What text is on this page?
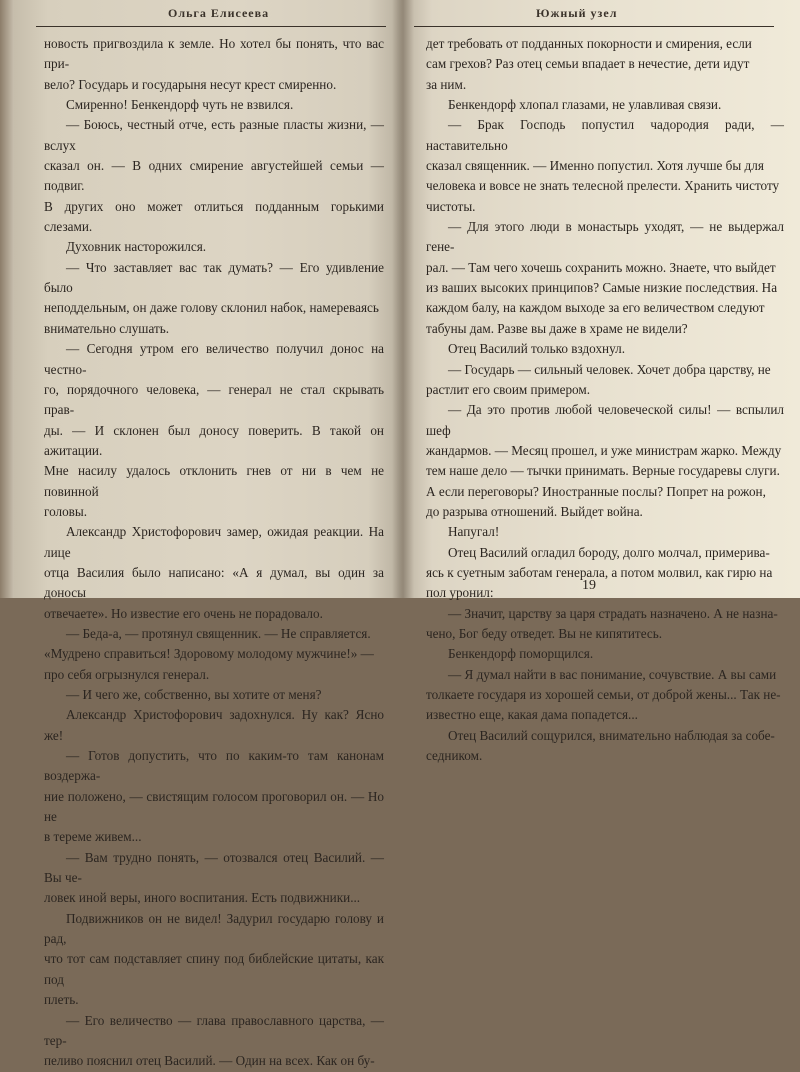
Ольга Елисеева

новость пригвоздила к земле. Но хотел бы понять, что вас при-

вело? Государь и государыня несут крест смиренно.

Смиренно! Бенкендорф чуть не взвился.

— Боюсь, честный отче, есть разные пласты жизни, — вслух

сказал он. — В одних смирение августейшей семьи — подвиг.

В других оно может отлиться подданным горькими слезами.

Духовник насторожился.

— Что заставляет вас так думать? — Его удивление было

неподдельным, он даже голову склонил набок, намереваясь

внимательно слушать.

— Сегодня утром его величество получил донос на честно-

го, порядочного человека, — генерал не стал скрывать прав-

ды. — И склонен был доносу поверить. В такой он ажитации.

Мне насилу удалось отклонить гнев от ни в чем не повинной

головы.

Александр Христофорович замер, ожидая реакции. На лице

отца Василия было написано: «А я думал, вы один за доносы

отвечаете». Но известие его очень не порадовало.

— Беда-а, — протянул священник. — Не справляется.

«Мудрено справиться! Здоровому молодому мужчине!» —

про себя огрызнулся генерал.

— И чего же, собственно, вы хотите от меня?

Александр Христофорович задохнулся. Ну как? Ясно же!

— Готов допустить, что по каким-то там канонам воздержа-

ние положено, — свистящим голосом проговорил он. — Но не

в тереме живем...

— Вам трудно понять, — отозвался отец Василий. — Вы че-

ловек иной веры, иного воспитания. Есть подвижники...

Подвижников он не видел! Задурил государю голову и рад,

что тот сам подставляет спину под библейские цитаты, как под

плеть.

— Его величество — глава православного царства, — тер-

пеливо пояснил отец Василий. — Один на всех. Как он бу-

Южный узел

дет требовать от подданных покорности и смирения, если

сам грехов? Раз отец семьи впадает в нечестие, дети идут

за ним.

Бенкендорф хлопал глазами, не улавливая связи.

— Брак Господь попустил чадородия ради, — наставительно

сказал священник. — Именно попустил. Хотя лучше бы для

человека и вовсе не знать телесной прелести. Хранить чистоту

чистоты.

— Для этого люди в монастырь уходят, — не выдержал гене-

рал. — Там чего хочешь сохранить можно. Знаете, что выйдет

из ваших высоких принципов? Самые низкие последствия. На

каждом балу, на каждом выходе за его величеством следуют

табуны дам. Разве вы даже в храме не видели?

Отец Василий только вздохнул.

— Государь — сильный человек. Хочет добра царству, не

растлит его своим примером.

— Да это против любой человеческой силы! — вспылил шеф

жандармов. — Месяц прошел, и уже министрам жарко. Между

тем наше дело — тычки принимать. Верные государевы слуги.

А если переговоры? Иностранные послы? Попрет на рожон,

до разрыва отношений. Выйдет война.

Напугал!

Отец Василий огладил бороду, долго молчал, примерива-

ясь к суетным заботам генерала, а потом молвил, как гирю на

пол уронил:

— Значит, царству за царя страдать назначено. А не назна-

чено, Бог беду отведет. Вы не кипятитесь.

Бенкендорф поморщился.

— Я думал найти в вас понимание, сочувствие. А вы сами

толкаете государя из хорошей семьи, от доброй жены... Так не-

известно еще, какая дама попадется...

Отец Василий сощурился, внимательно наблюдая за собе-

седником.

19
